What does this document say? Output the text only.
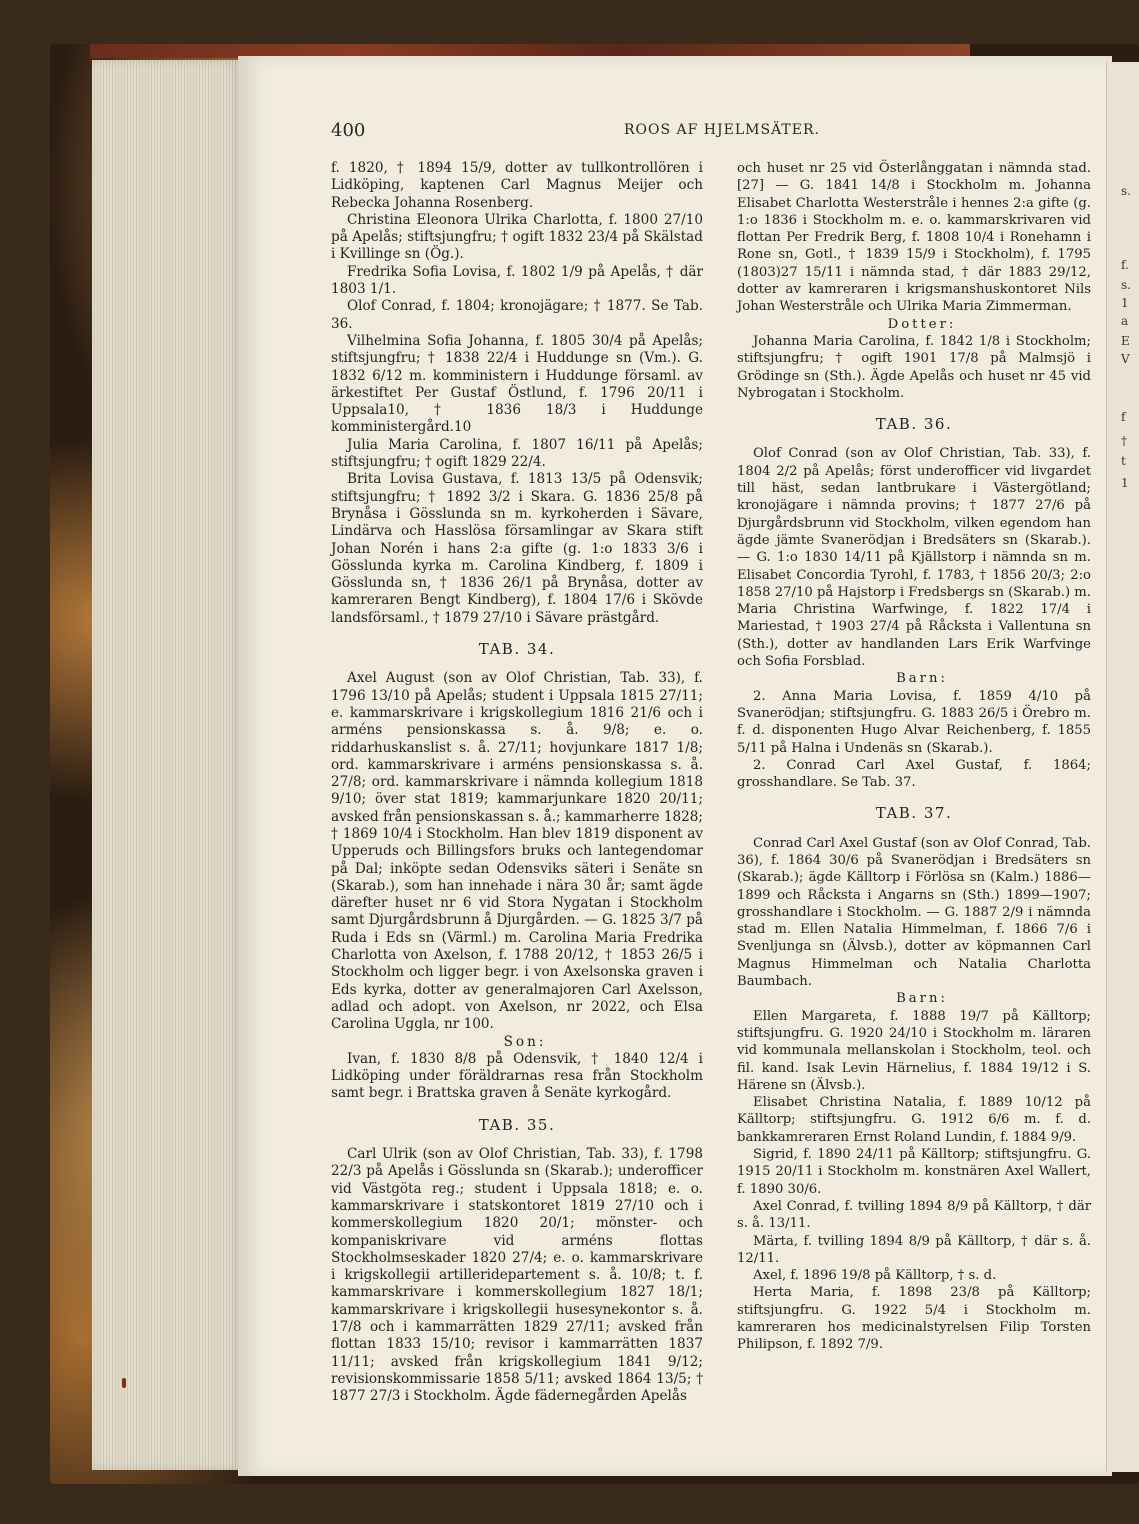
s.
f.
s.
1
a
E
V
f
†
t
1
400	ROOS AF HJELMSÄTER.

f. 1820, † 1894 15/9, dotter av tullkontrollören i Lidköping, kaptenen Carl Magnus Meijer och Rebecka Johanna Rosenberg.

Christina Eleonora Ulrika Charlotta, f. 1800 27/10 på Apelås; stiftsjungfru; † ogift 1832 23/4 på Skälstad i Kvillinge sn (Ög.).

Fredrika Sofia Lovisa, f. 1802 1/9 på Apelås, † där 1803 1/1.

Olof Conrad, f. 1804; kronojägare; † 1877. Se Tab. 36.

Vilhelmina Sofia Johanna, f. 1805 30/4 på Apelås; stiftsjungfru; † 1838 22/4 i Huddunge sn (Vm.). G. 1832 6/12 m. komministern i Huddunge församl. av ärkestiftet Per Gustaf Östlund, f. 1796 20/11 i Uppsala10, † 1836 18/3 i Huddunge komministergård.10

Julia Maria Carolina, f. 1807 16/11 på Apelås; stiftsjungfru; † ogift 1829 22/4.

Brita Lovisa Gustava, f. 1813 13/5 på Odensvik; stiftsjungfru; † 1892 3/2 i Skara. G. 1836 25/8 på Brynåsa i Gösslunda sn m. kyrkoherden i Sävare, Lindärva och Hasslösa församlingar av Skara stift Johan Norén i hans 2:a gifte (g. 1:o 1833 3/6 i Gösslunda kyrka m. Carolina Kindberg, f. 1809 i Gösslunda sn, † 1836 26/1 på Brynåsa, dotter av kamreraren Bengt Kindberg), f. 1804 17/6 i Skövde landsförsaml., † 1879 27/10 i Sävare prästgård.

TAB. 34.

Axel August (son av Olof Christian, Tab. 33), f. 1796 13/10 på Apelås; student i Uppsala 1815 27/11; e. kammarskrivare i krigskollegium 1816 21/6 och i arméns pensionskassa s. å. 9/8; e. o. riddarhuskanslist s. å. 27/11; hovjunkare 1817 1/8; ord. kammarskrivare i arméns pensionskassa s. å. 27/8; ord. kammarskrivare i nämnda kollegium 1818 9/10; över stat 1819; kammarjunkare 1820 20/11; avsked från pensionskassan s. å.; kammarherre 1828; † 1869 10/4 i Stockholm. Han blev 1819 disponent av Upperuds och Billingsfors bruks och lantegendomar på Dal; inköpte sedan Odensviks säteri i Senäte sn (Skarab.), som han innehade i nära 30 år; samt ägde därefter huset nr 6 vid Stora Nygatan i Stockholm samt Djurgårdsbrunn å Djurgården. — G. 1825 3/7 på Ruda i Eds sn (Värml.) m. Carolina Maria Fredrika Charlotta von Axelson, f. 1788 20/12, † 1853 26/5 i Stockholm och ligger begr. i von Axelsonska graven i Eds kyrka, dotter av generalmajoren Carl Axelsson, adlad och adopt. von Axelson, nr 2022, och Elsa Carolina Uggla, nr 100.

Son:

Ivan, f. 1830 8/8 på Odensvik, † 1840 12/4 i Lidköping under föräldrarnas resa från Stockholm samt begr. i Brattska graven å Senäte kyrkogård.

TAB. 35.

Carl Ulrik (son av Olof Christian, Tab. 33), f. 1798 22/3 på Apelås i Gösslunda sn (Skarab.); underofficer vid Västgöta reg.; student i Uppsala 1818; e. o. kammarskrivare i statskontoret 1819 27/10 och i kommerskollegium 1820 20/1; mönster- och kompaniskrivare vid arméns flottas Stockholmseskader 1820 27/4; e. o. kammarskrivare i krigskollegii artilleridepartement s. å. 10/8; t. f. kammarskrivare i kommerskollegium 1827 18/1; kammarskrivare i krigskollegii husesynekontor s. å. 17/8 och i kammarrätten 1829 27/11; avsked från flottan 1833 15/10; revisor i kammarrätten 1837 11/11; avsked från krigskollegium 1841 9/12; revisionskommissarie 1858 5/11; avsked 1864 13/5; † 1877 27/3 i Stockholm. Ägde fädernegården Apelås

och huset nr 25 vid Österlånggatan i nämnda stad.[27] — G. 1841 14/8 i Stockholm m. Johanna Elisabet Charlotta Westerstråle i hennes 2:a gifte (g. 1:o 1836 i Stockholm m. e. o. kammarskrivaren vid flottan Per Fredrik Berg, f. 1808 10/4 i Ronehamn i Rone sn, Gotl., † 1839 15/9 i Stockholm), f. 1795 (1803)27 15/11 i nämnda stad, † där 1883 29/12, dotter av kamreraren i krigsmanshuskontoret Nils Johan Westerstråle och Ulrika Maria Zimmerman.

Dotter:

Johanna Maria Carolina, f. 1842 1/8 i Stockholm; stiftsjungfru; † ogift 1901 17/8 på Malmsjö i Grödinge sn (Sth.). Ägde Apelås och huset nr 45 vid Nybrogatan i Stockholm.

TAB. 36.

Olof Conrad (son av Olof Christian, Tab. 33), f. 1804 2/2 på Apelås; först underofficer vid livgardet till häst, sedan lantbrukare i Västergötland; kronojägare i nämnda provins; † 1877 27/6 på Djurgårdsbrunn vid Stockholm, vilken egendom han ägde jämte Svanerödjan i Bredsäters sn (Skarab.). — G. 1:o 1830 14/11 på Kjällstorp i nämnda sn m. Elisabet Concordia Tyrohl, f. 1783, † 1856 20/3; 2:o 1858 27/10 på Hajstorp i Fredsbergs sn (Skarab.) m. Maria Christina Warfwinge, f. 1822 17/4 i Mariestad, † 1903 27/4 på Råcksta i Vallentuna sn (Sth.), dotter av handlanden Lars Erik Warfvinge och Sofia Forsblad.

Barn:

2. Anna Maria Lovisa, f. 1859 4/10 på Svanerödjan; stiftsjungfru. G. 1883 26/5 i Örebro m. f. d. disponenten Hugo Alvar Reichenberg, f. 1855 5/11 på Halna i Undenäs sn (Skarab.).

2. Conrad Carl Axel Gustaf, f. 1864; grosshandlare. Se Tab. 37.

TAB. 37.

Conrad Carl Axel Gustaf (son av Olof Conrad, Tab. 36), f. 1864 30/6 på Svanerödjan i Bredsäters sn (Skarab.); ägde Källtorp i Förlösa sn (Kalm.) 1886—1899 och Råcksta i Angarns sn (Sth.) 1899—1907; grosshandlare i Stockholm. — G. 1887 2/9 i nämnda stad m. Ellen Natalia Himmelman, f. 1866 7/6 i Svenljunga sn (Älvsb.), dotter av köpmannen Carl Magnus Himmelman och Natalia Charlotta Baumbach.

Barn:

Ellen Margareta, f. 1888 19/7 på Källtorp; stiftsjungfru. G. 1920 24/10 i Stockholm m. läraren vid kommunala mellanskolan i Stockholm, teol. och fil. kand. Isak Levin Härnelius, f. 1884 19/12 i S. Härene sn (Älvsb.).

Elisabet Christina Natalia, f. 1889 10/12 på Källtorp; stiftsjungfru. G. 1912 6/6 m. f. d. bankkamreraren Ernst Roland Lundin, f. 1884 9/9.

Sigrid, f. 1890 24/11 på Källtorp; stiftsjungfru. G. 1915 20/11 i Stockholm m. konstnären Axel Wallert, f. 1890 30/6.

Axel Conrad, f. tvilling 1894 8/9 på Källtorp, † där s. å. 13/11.

Märta, f. tvilling 1894 8/9 på Källtorp, † där s. å. 12/11.

Axel, f. 1896 19/8 på Källtorp, † s. d.

Herta Maria, f. 1898 23/8 på Källtorp; stiftsjungfru. G. 1922 5/4 i Stockholm m. kamreraren hos medicinalstyrelsen Filip Torsten Philipson, f. 1892 7/9.
